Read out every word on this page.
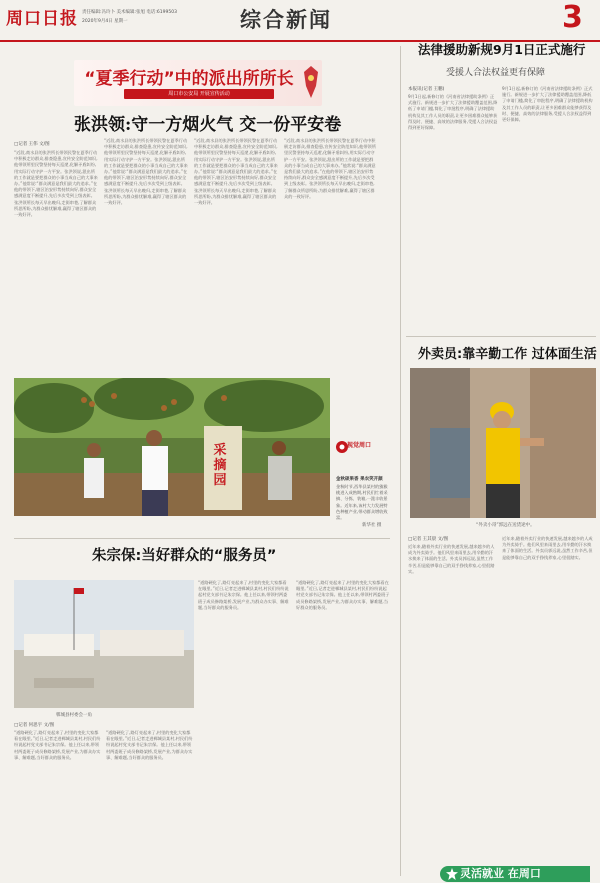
周口日报 责任编辑:冯玲卜 美术编辑:张旭 电话:6199503
2020年9月4日 星期一	综合新闻	3
“夏季行动”中的派出所所长
周口市公安局 开展宣传活动
张洪领:守一方烟火气 交一份平安卷
□记者 王伟 文/图
“近段,商水县的张洪所长带领民警在夏季行动中积极走访群众,排查隐患,宣传安全防范知识,他带领所里民警坚持每天巡逻,化解矛盾纠纷,用实际行动守护一方平安。张洪领说,派出所的工作就是要把群众的小事当成自己的大事来办。”他常说:“群众满意是我们最大的追求。”在他的带领下,辖区治安形势持续向好,群众安全感满意度不断提升,先后多次受到上级表彰。张洪领所长每天早出晚归,走街串巷,了解群众所思所盼,为群众排忧解难,赢得了辖区群众的一致好评。
“近段,商水县的张洪所长带领民警在夏季行动中积极走访群众,排查隐患,宣传安全防范知识,他带领所里民警坚持每天巡逻,化解矛盾纠纷,用实际行动守护一方平安。张洪领说,派出所的工作就是要把群众的小事当成自己的大事来办。”他常说:“群众满意是我们最大的追求。”在他的带领下,辖区治安形势持续向好,群众安全感满意度不断提升,先后多次受到上级表彰。张洪领所长每天早出晚归,走街串巷,了解群众所思所盼,为群众排忧解难,赢得了辖区群众的一致好评。
“近段,商水县的张洪所长带领民警在夏季行动中积极走访群众,排查隐患,宣传安全防范知识,他带领所里民警坚持每天巡逻,化解矛盾纠纷,用实际行动守护一方平安。张洪领说,派出所的工作就是要把群众的小事当成自己的大事来办。”他常说:“群众满意是我们最大的追求。”在他的带领下,辖区治安形势持续向好,群众安全感满意度不断提升,先后多次受到上级表彰。张洪领所长每天早出晚归,走街串巷,了解群众所思所盼,为群众排忧解难,赢得了辖区群众的一致好评。
“近段,商水县的张洪所长带领民警在夏季行动中积极走访群众,排查隐患,宣传安全防范知识,他带领所里民警坚持每天巡逻,化解矛盾纠纷,用实际行动守护一方平安。张洪领说,派出所的工作就是要把群众的小事当成自己的大事来办。”他常说:“群众满意是我们最大的追求。”在他的带领下,辖区治安形势持续向好,群众安全感满意度不断提升,先后多次受到上级表彰。张洪领所长每天早出晚归,走街串巷,了解群众所思所盼,为群众排忧解难,赢得了辖区群众的一致好评。
采摘园
视觉周口
金秋硕果香 果农笑开颜
金秋时节,西华县某村的猕猴桃进入成熟期,村民们忙着采摘、分拣、装箱,一派丰收景象。近年来,该村大力发展特色种植产业,带动群众增收致富。
新华社 摄
朱宗保:当好群众的“服务员”
郸城县村委会一角
□记者 何思宇 文/图
“道路硬化了,路灯亮起来了,村里的变化大家都看在眼里。”近日,记者走进郸城县某村,村民们纷纷说起村党支部书记朱宗保。他上任以来,带领村两委班子成员修路架桥,发展产业,为群众办实事、解难题,当好群众的服务员。
“道路硬化了,路灯亮起来了,村里的变化大家都看在眼里。”近日,记者走进郸城县某村,村民们纷纷说起村党支部书记朱宗保。他上任以来,带领村两委班子成员修路架桥,发展产业,为群众办实事、解难题,当好群众的服务员。
“道路硬化了,路灯亮起来了,村里的变化大家都看在眼里。”近日,记者走进郸城县某村,村民们纷纷说起村党支部书记朱宗保。他上任以来,带领村两委班子成员修路架桥,发展产业,为群众办实事、解难题,当好群众的服务员。
“道路硬化了,路灯亮起来了,村里的变化大家都看在眼里。”近日,记者走进郸城县某村,村民们纷纷说起村党支部书记朱宗保。他上任以来,带领村两委班子成员修路架桥,发展产业,为群众办实事、解难题,当好群众的服务员。
法律援助新规9月1日正式施行
受援人合法权益更有保障
本报讯(记者 王鹏)
9月1日起,新修订的《河南省法律援助条例》正式施行。新规进一步扩大了法律援助覆盖范围,降低了申请门槛,简化了审批程序,明确了法律援助机构及其工作人员的职责,让更多困难群众能够获得及时、便捷、高效的法律服务,受援人合法权益得到更好保障。
9月1日起,新修订的《河南省法律援助条例》正式施行。新规进一步扩大了法律援助覆盖范围,降低了申请门槛,简化了审批程序,明确了法律援助机构及其工作人员的职责,让更多困难群众能够获得及时、便捷、高效的法律服务,受援人合法权益得到更好保障。
外卖员:靠辛勤工作 过体面生活
“外卖小哥”郭远在送货途中。
□记者 王其晨 文/图
近年来,随着外卖行业的快速发展,越来越多的人成为外卖骑手。他们风里来雨里去,用辛勤的汗水换来了体面的生活。外卖员郭远说,虽然工作辛苦,但是能够靠自己的双手挣钱养家,心里很踏实。
近年来,随着外卖行业的快速发展,越来越多的人成为外卖骑手。他们风里来雨里去,用辛勤的汗水换来了体面的生活。外卖员郭远说,虽然工作辛苦,但是能够靠自己的双手挣钱养家,心里很踏实。
灵活就业 在周口
